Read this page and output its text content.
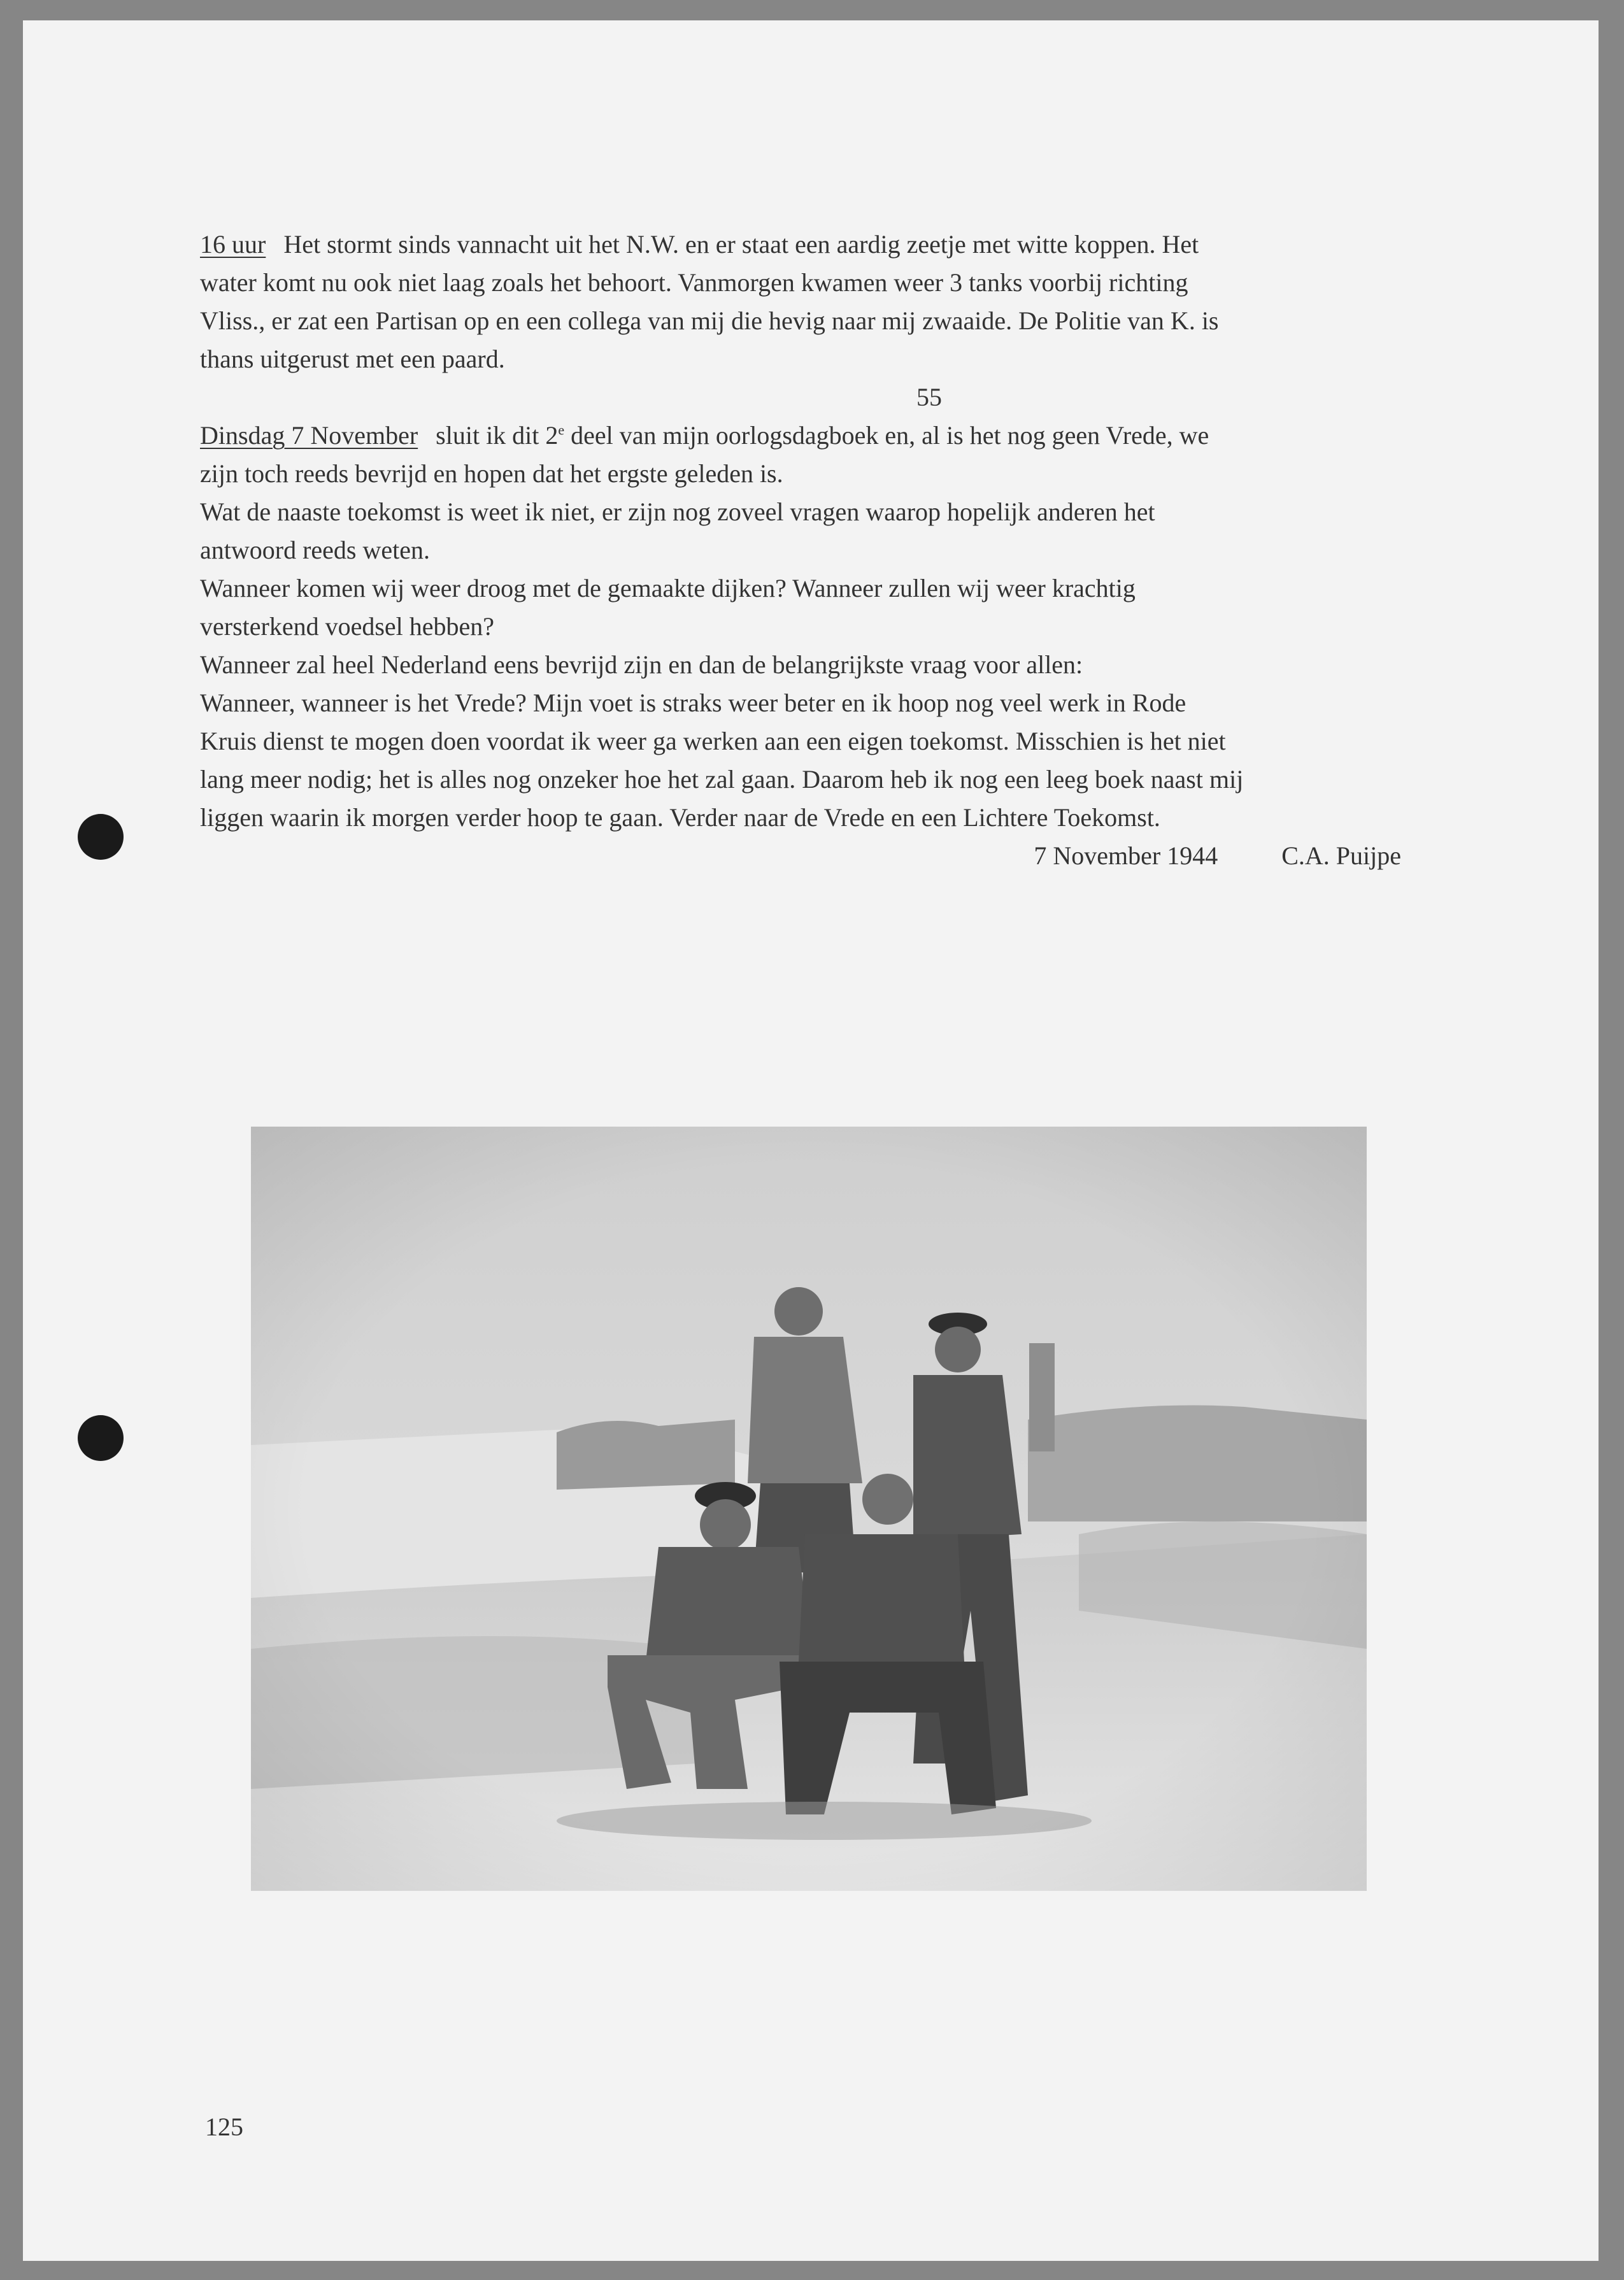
16 uur Het stormt sinds vannacht uit het N.W. en er staat een aardig zeetje met witte koppen. Het
water komt nu ook niet laag zoals het behoort. Vanmorgen kwamen weer 3 tanks voorbij richting
Vliss., er zat een Partisan op en een collega van mij die hevig naar mij zwaaide. De Politie van K. is
thans uitgerust met een paard.

55

Dinsdag 7 November sluit ik dit 2e deel van mijn oorlogsdagboek en, al is het nog geen Vrede, we
zijn toch reeds bevrijd en hopen dat het ergste geleden is.
Wat de naaste toekomst is weet ik niet, er zijn nog zoveel vragen waarop hopelijk anderen het
antwoord reeds weten.
Wanneer komen wij weer droog met de gemaakte dijken? Wanneer zullen wij weer krachtig
versterkend voedsel hebben?
Wanneer zal heel Nederland eens bevrijd zijn en dan de belangrijkste vraag voor allen:
Wanneer, wanneer is het Vrede? Mijn voet is straks weer beter en ik hoop nog veel werk in Rode
Kruis dienst te mogen doen voordat ik weer ga werken aan een eigen toekomst. Misschien is het niet
lang meer nodig; het is alles nog onzeker hoe het zal gaan. Daarom heb ik nog een leeg boek naast mij
liggen waarin ik morgen verder hoop te gaan. Verder naar de Vrede en een Lichtere Toekomst.

7 November 1944	C.A. Puijpe

125
